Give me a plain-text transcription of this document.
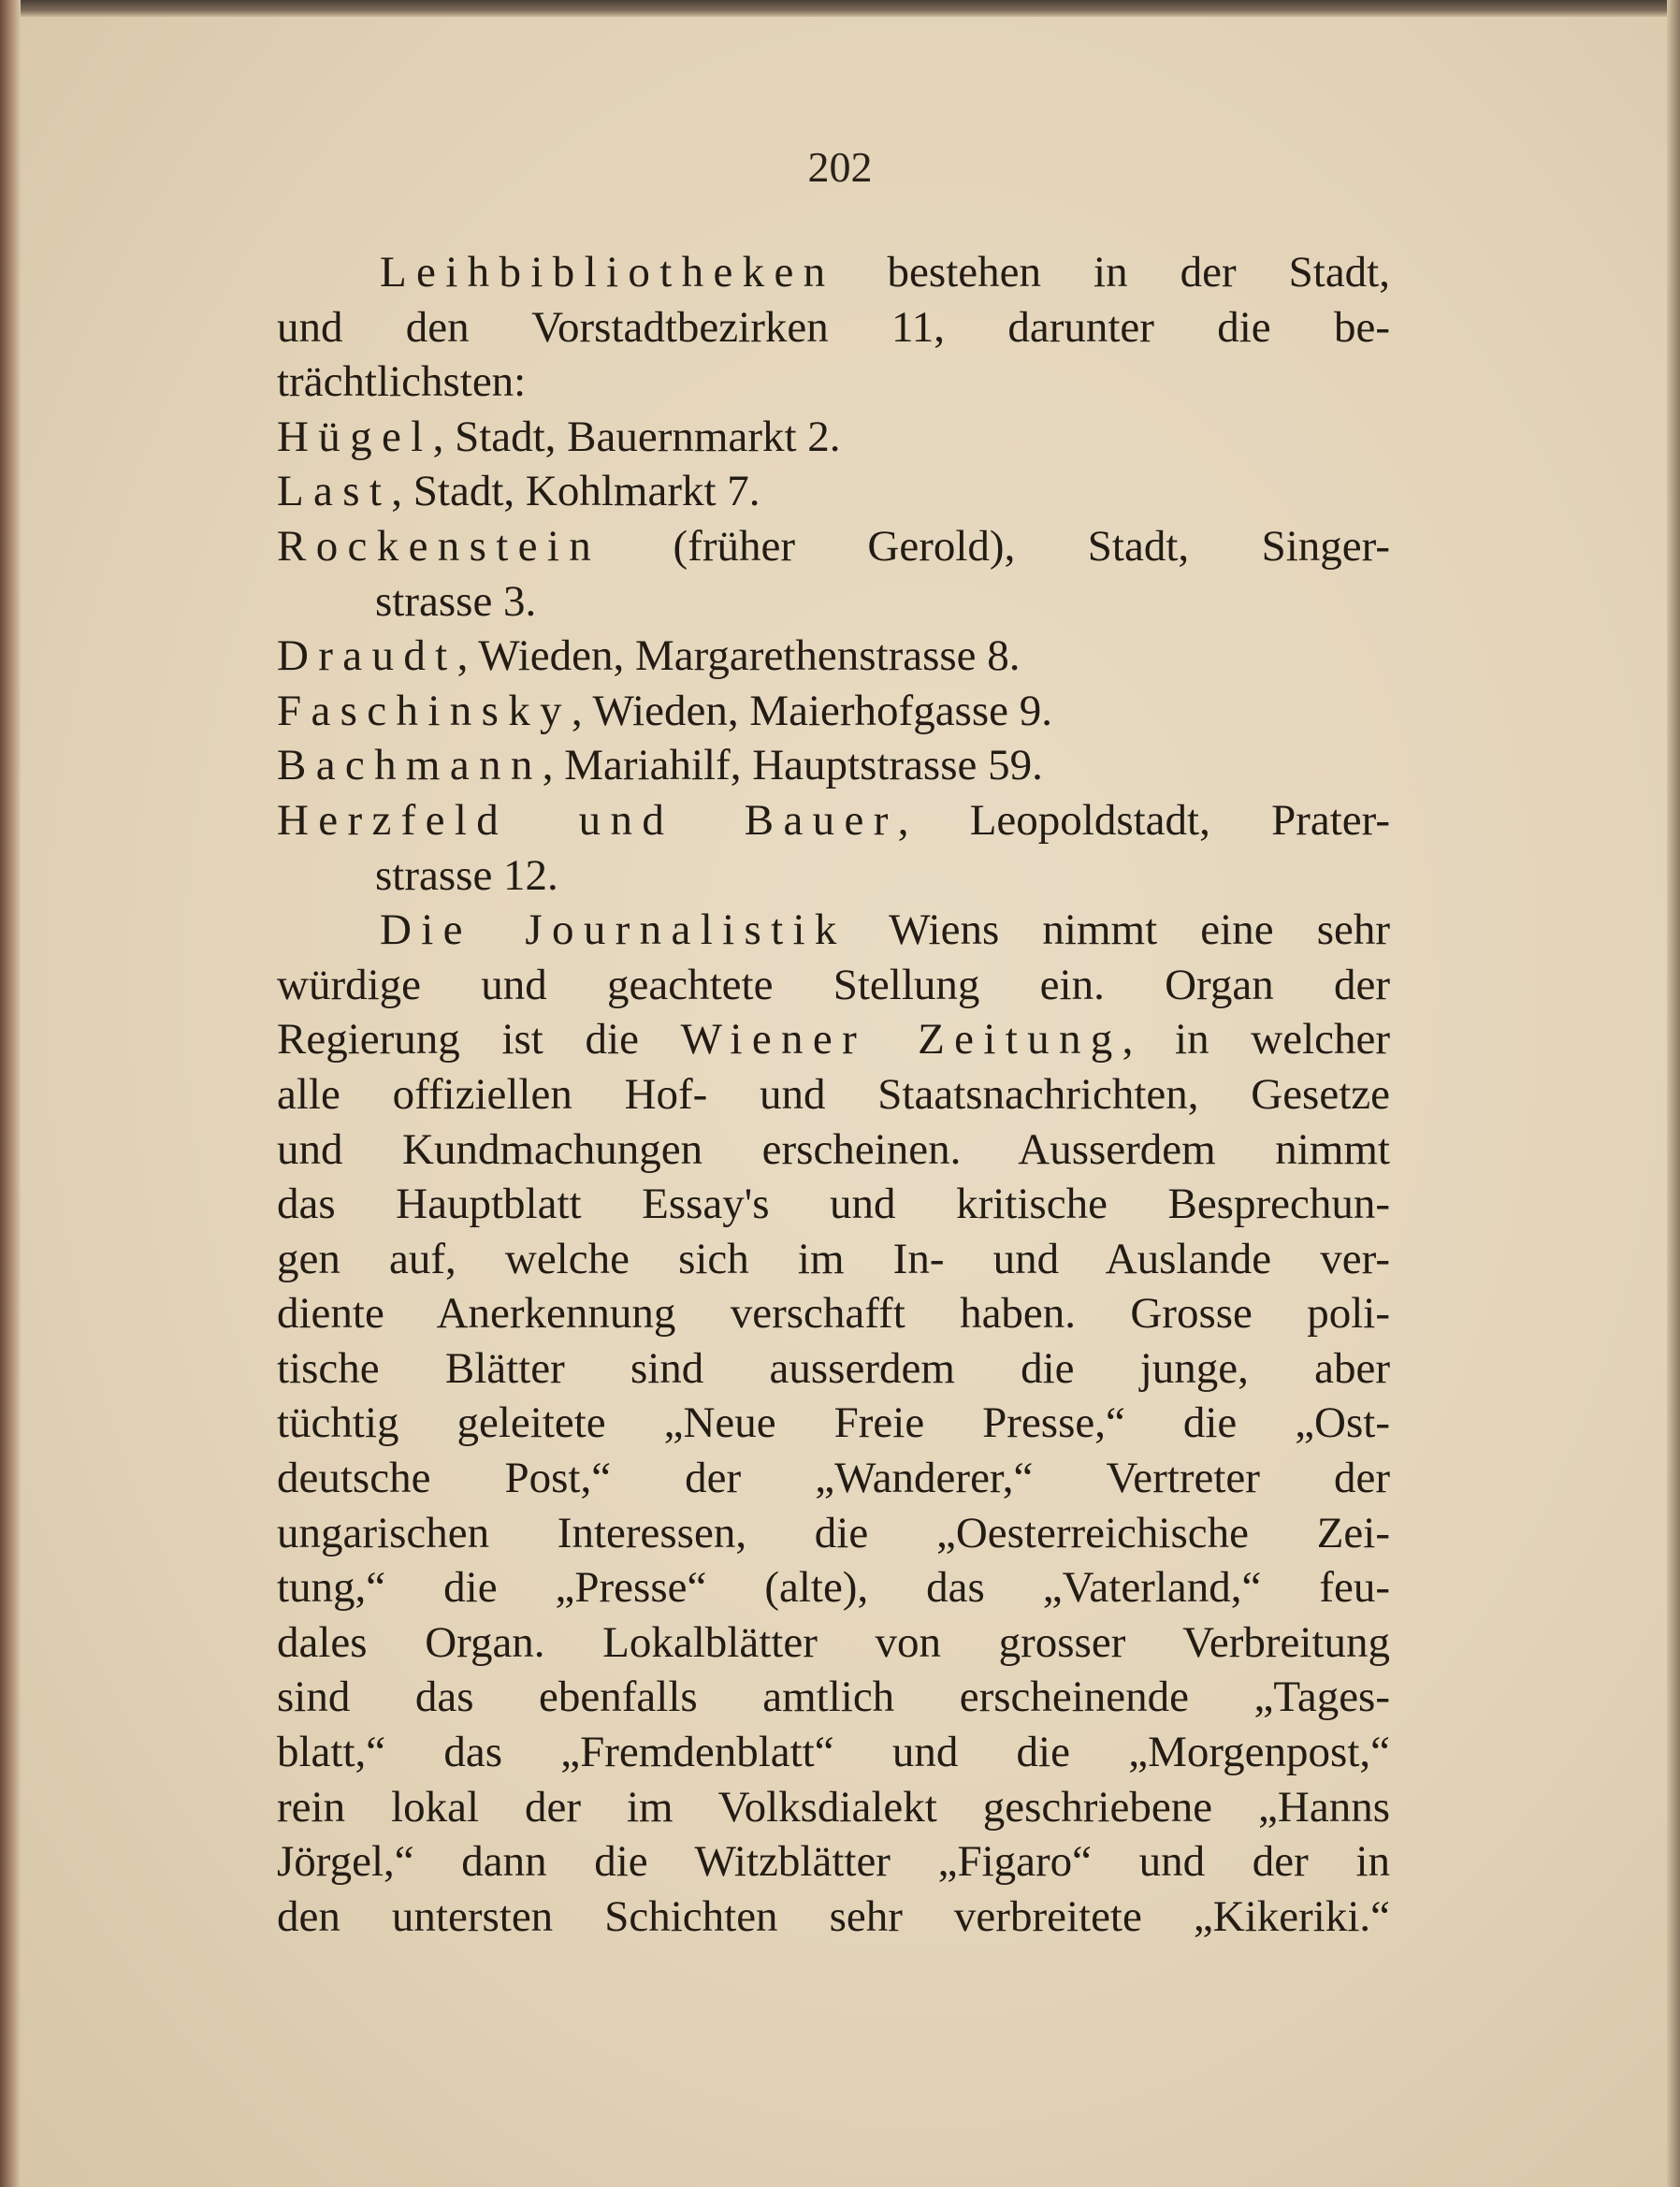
202
Leihbibliotheken bestehen in der Stadt,
und den Vorstadtbezirken 11, darunter die be-
trächtlichsten:
Hügel, Stadt, Bauernmarkt 2.
Last, Stadt, Kohlmarkt 7.
Rockenstein (früher Gerold), Stadt, Singer-
strasse 3.
Draudt, Wieden, Margarethenstrasse 8.
Faschinsky, Wieden, Maierhofgasse 9.
Bachmann, Mariahilf, Hauptstrasse 59.
Herzfeld und Bauer, Leopoldstadt, Prater-
strasse 12.
Die Journalistik Wiens nimmt eine sehr
würdige und geachtete Stellung ein. Organ der
Regierung ist die Wiener Zeitung, in welcher
alle offiziellen Hof- und Staatsnachrichten, Gesetze
und Kundmachungen erscheinen. Ausserdem nimmt
das Hauptblatt Essay's und kritische Besprechun-
gen auf, welche sich im In- und Auslande ver-
diente Anerkennung verschafft haben. Grosse poli-
tische Blätter sind ausserdem die junge, aber
tüchtig geleitete „Neue Freie Presse,“ die „Ost-
deutsche Post,“ der „Wanderer,“ Vertreter der
ungarischen Interessen, die „Oesterreichische Zei-
tung,“ die „Presse“ (alte), das „Vaterland,“ feu-
dales Organ. Lokalblätter von grosser Verbreitung
sind das ebenfalls amtlich erscheinende „Tages-
blatt,“ das „Fremdenblatt“ und die „Morgenpost,“
rein lokal der im Volksdialekt geschriebene „Hanns
Jörgel,“ dann die Witzblätter „Figaro“ und der in
den untersten Schichten sehr verbreitete „Kikeriki.“
